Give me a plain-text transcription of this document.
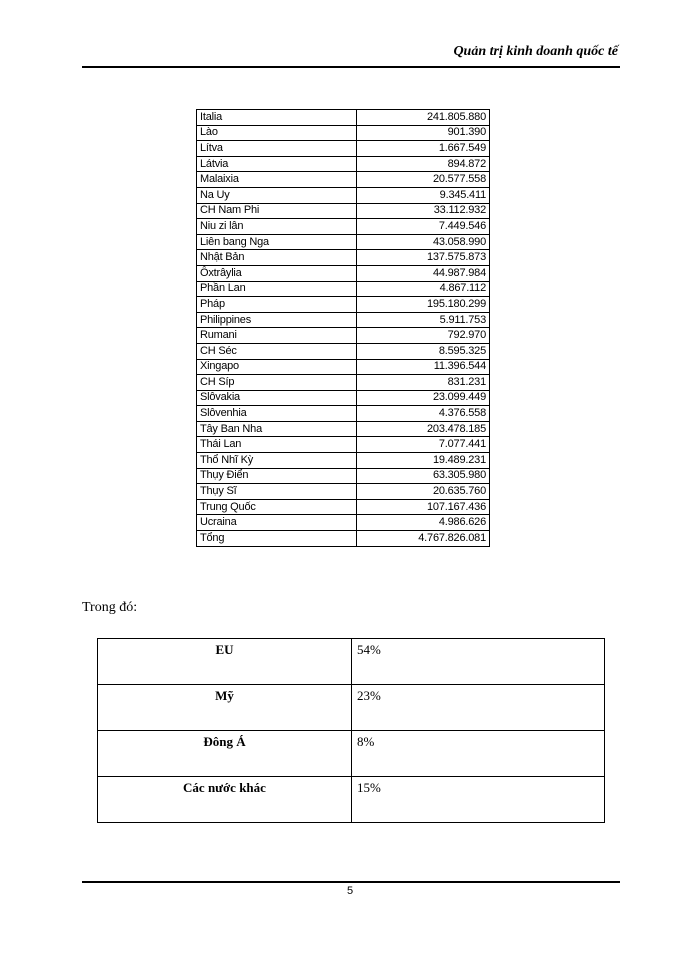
Quản trị kinh doanh quốc tế
Italia	241.805.880
Lào	901.390
Lítva	1.667.549
Látvia	894.872
Malaixia	20.577.558
Na Uy	9.345.411
CH Nam Phi	33.112.932
Niu zi lân	7.449.546
Liên bang Nga	43.058.990
Nhật Bản	137.575.873
Ôxtrâylia	44.987.984
Phần Lan	4.867.112
Pháp	195.180.299
Philippines	5.911.753
Rumani	792.970
CH Séc	8.595.325
Xingapo	11.396.544
CH Síp	831.231
Slôvakia	23.099.449
Slôvenhia	4.376.558
Tây Ban Nha	203.478.185
Thái Lan	7.077.441
Thổ Nhĩ Kỳ	19.489.231
Thụy Điển	63.305.980
Thụy Sĩ	20.635.760
Trung Quốc	107.167.436
Ucraina	4.986.626
Tổng	4.767.826.081
Trong đó:
EU	54%
Mỹ	23%
Đông Á	8%
Các nước khác	15%
5
